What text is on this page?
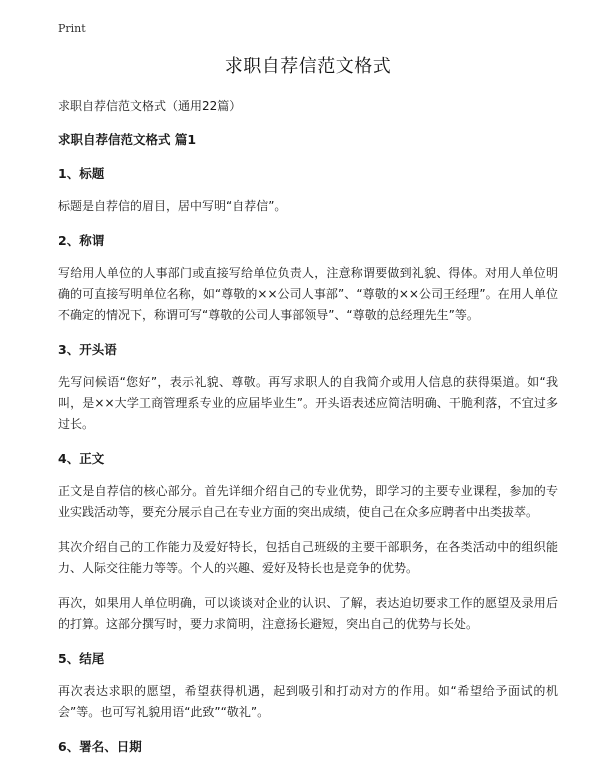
Print
求职自荐信范文格式

求职自荐信范文格式（通用22篇）

求职自荐信范文格式 篇1

1、标题

标题是自荐信的眉目，居中写明“自荐信”。

2、称谓

写给用人单位的人事部门或直接写给单位负责人，注意称谓要做到礼貌、得体。对用人单位明确的可直接写明单位名称，如“尊敬的××公司人事部”、“尊敬的××公司王经理”。在用人单位不确定的情况下，称谓可写“尊敬的公司人事部领导”、“尊敬的总经理先生”等。

3、开头语

先写问候语“您好”，表示礼貌、尊敬。再写求职人的自我简介或用人信息的获得渠道。如“我叫，是××大学工商管理系专业的应届毕业生”。开头语表述应简洁明确、干脆利落，不宜过多过长。

4、正文

正文是自荐信的核心部分。首先详细介绍自己的专业优势，即学习的主要专业课程，参加的专业实践活动等，要充分展示自己在专业方面的突出成绩，使自己在众多应聘者中出类拔萃。

其次介绍自己的工作能力及爱好特长，包括自己班级的主要干部职务，在各类活动中的组织能力、人际交往能力等等。个人的兴趣、爱好及特长也是竞争的优势。

再次，如果用人单位明确，可以谈谈对企业的认识、了解，表达迫切要求工作的愿望及录用后的打算。这部分撰写时，要力求简明，注意扬长避短，突出自己的优势与长处。

5、结尾

再次表达求职的愿望，希望获得机遇，起到吸引和打动对方的作用。如“希望给予面试的机会”等。也可写礼貌用语“此致”“敬礼”。

6、署名、日期
